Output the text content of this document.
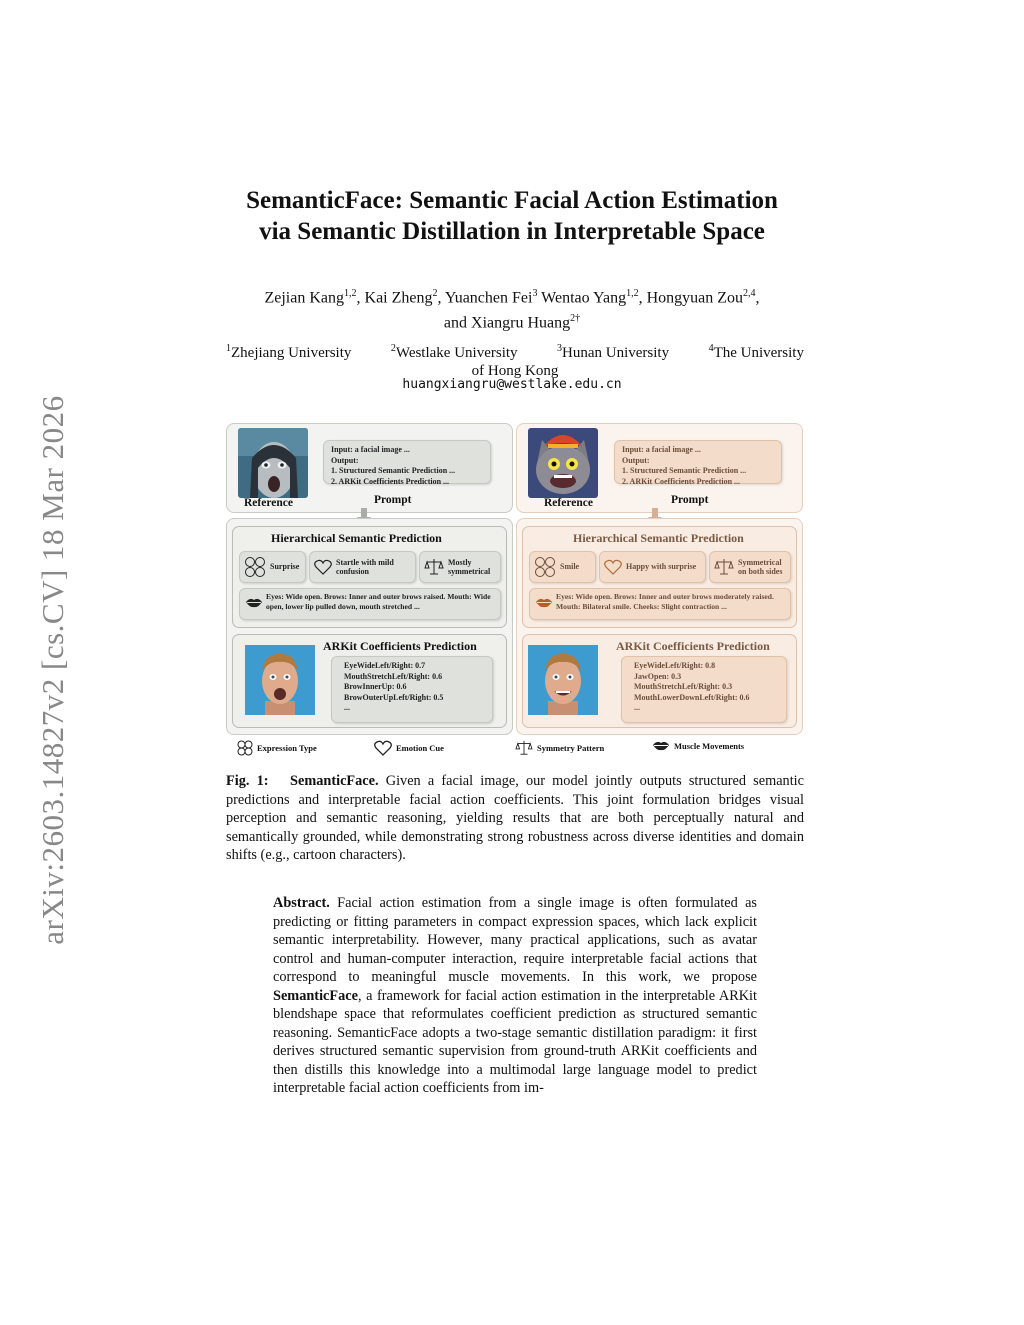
arXiv:2603.14827v2 [cs.CV] 18 Mar 2026
SemanticFace: Semantic Facial Action Estimation
via Semantic Distillation in Interpretable Space
Zejian Kang$^{1,2}$, Kai Zheng$^2$, Yuanchen Fei$^3$ Wentao Yang$^{1,2}$, Hongyuan Zou$^{2,4}$,
and Xiangru Huang$^{2\dagger}$
$^1$Zhejiang University	$^2$Westlake University	$^3$Hunan University	$^4$The University
of Hong Kong
huangxiangru@westlake.edu.cn
Reference	Reference
Prompt	Prompt
Input: a facial image ...
Output:
1. Structured Semantic Prediction ...
2. ARKit Coefficients Prediction ...
Input: a facial image ...
Output:
1. Structured Semantic Prediction ...
2. ARKit Coefficients Prediction ...
Hierarchical Semantic Prediction	Hierarchical Semantic Prediction
Surprise
Startle with mild confusion
Mostly symmetrical
Eyes: Wide open. Brows: Inner and outer brows raised. Mouth: Wide open, lower lip pulled down, mouth stretched ...
Smile	Happy with surprise
Symmetrical on both sides
Eyes: Wide open. Brows: Inner and outer brows moderately raised. Mouth: Bilateral smile. Cheeks: Slight contraction ...
ARKit Coefficients Prediction	ARKit Coefficients Prediction
EyeWideLeft/Right: 0.7
MouthStretchLeft/Right: 0.6
BrowInnerUp: 0.6
BrowOuterUpLeft/Right: 0.5
...
EyeWideLeft/Right: 0.8
JawOpen: 0.3
MouthStretchLeft/Right: 0.3
MouthLowerDownLeft/Right: 0.6
...
Expression Type	Emotion Cue	Symmetry Pattern	Muscle Movements
Fig. 1: SemanticFace. Given a facial image, our model jointly outputs structured semantic predictions and interpretable facial action coefficients. This joint formulation bridges visual perception and semantic reasoning, yielding results that are both perceptually natural and semantically grounded, while demonstrating strong robustness across diverse identities and domain shifts (e.g., cartoon characters).
Abstract. Facial action estimation from a single image is often formulated as predicting or fitting parameters in compact expression spaces, which lack explicit semantic interpretability. However, many practical applications, such as avatar control and human-computer interaction, require interpretable facial actions that correspond to meaningful muscle movements. In this work, we propose SemanticFace, a framework for facial action estimation in the interpretable ARKit blendshape space that reformulates coefficient prediction as structured semantic reasoning. SemanticFace adopts a two-stage semantic distillation paradigm: it first derives structured semantic supervision from ground-truth ARKit coefficients and then distills this knowledge into a multimodal large language model to predict interpretable facial action coefficients from im-
